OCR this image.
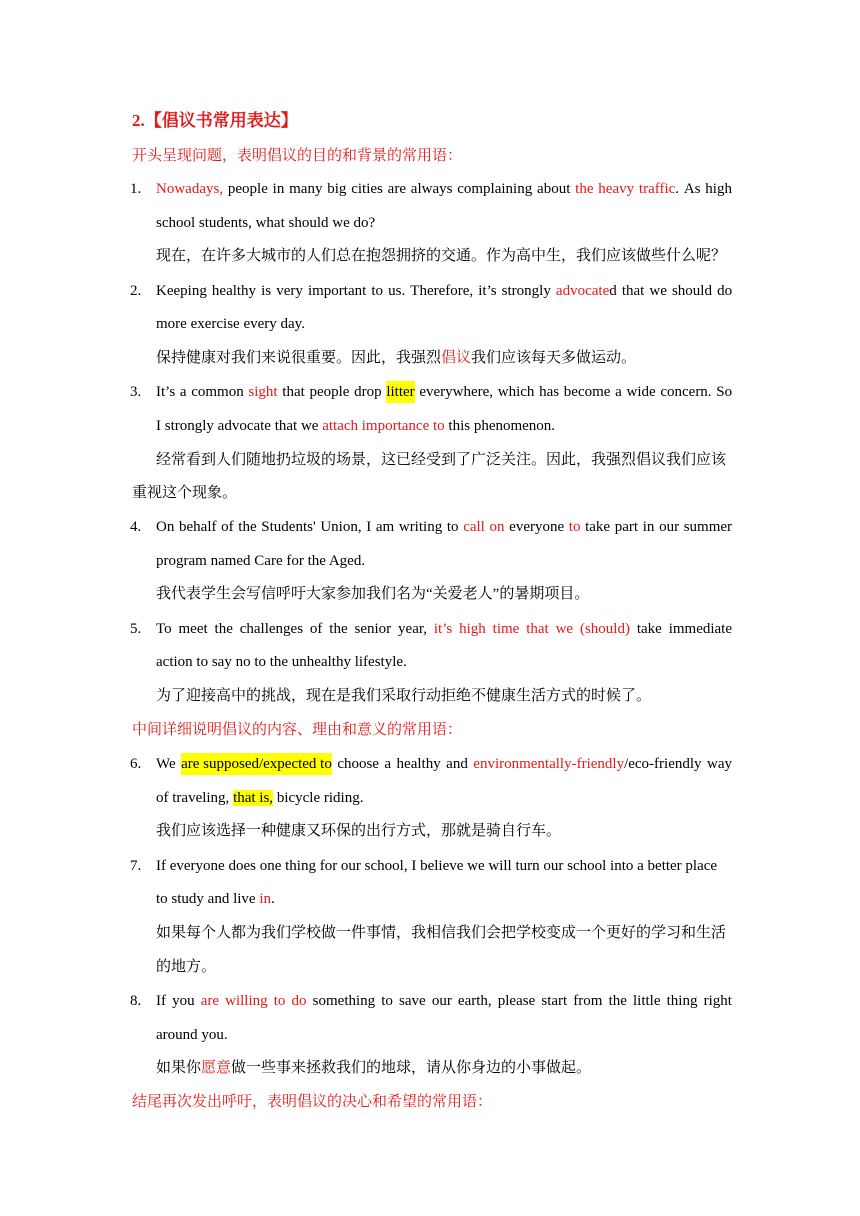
2.【倡议书常用表达】
开头呈现问题，表明倡议的目的和背景的常用语：
1. Nowadays, people in many big cities are always complaining about the heavy traffic . As high
school students, what should we do?
现在，在许多大城市的人们总在抱怨拥挤的交通。作为高中生，我们应该做些什么呢？
2. Keeping healthy is very important to us. Therefore, it’s strongly advocate d that we should do
more exercise every day.
保持健康对我们来说很重要。因此，我强烈倡议我们应该每天多做运动。
3. It’s a common sight that people drop litter everywhere, which has become a wide concern. So
I strongly advocate that we attach importance to this phenomenon.
经常看到人们随地扔垃圾的场景，这已经受到了广泛关注。因此，我强烈倡议我们应该
重视这个现象。
4. On behalf of the Students' Union, I am writing to call on everyone to take part in our summer
program named Care for the Aged.
我代表学生会写信呼吁大家参加我们名为“关爱老人”的暑期项目。
5. To meet the challenges of the senior year, it’s high time that we (should) take immediate
action to say no to the unhealthy lifestyle.
为了迎接高中的挑战，现在是我们采取行动拒绝不健康生活方式的时候了。
中间详细说明倡议的内容、理由和意义的常用语：
6. We are supposed/expected to choose a healthy and environmentally-friendly /eco-friendly way
of traveling, that is, bicycle riding.
我们应该选择一种健康又环保的出行方式，那就是骑自行车。
7. If everyone does one thing for our school, I believe we will turn our school into a better place
to study and live in.
如果每个人都为我们学校做一件事情，我相信我们会把学校变成一个更好的学习和生活
的地方。
8. If you are willing to do something to save our earth, please start from the little thing right
around you.
如果你愿意做一些事来拯救我们的地球，请从你身边的小事做起。
结尾再次发出呼吁，表明倡议的决心和希望的常用语：
